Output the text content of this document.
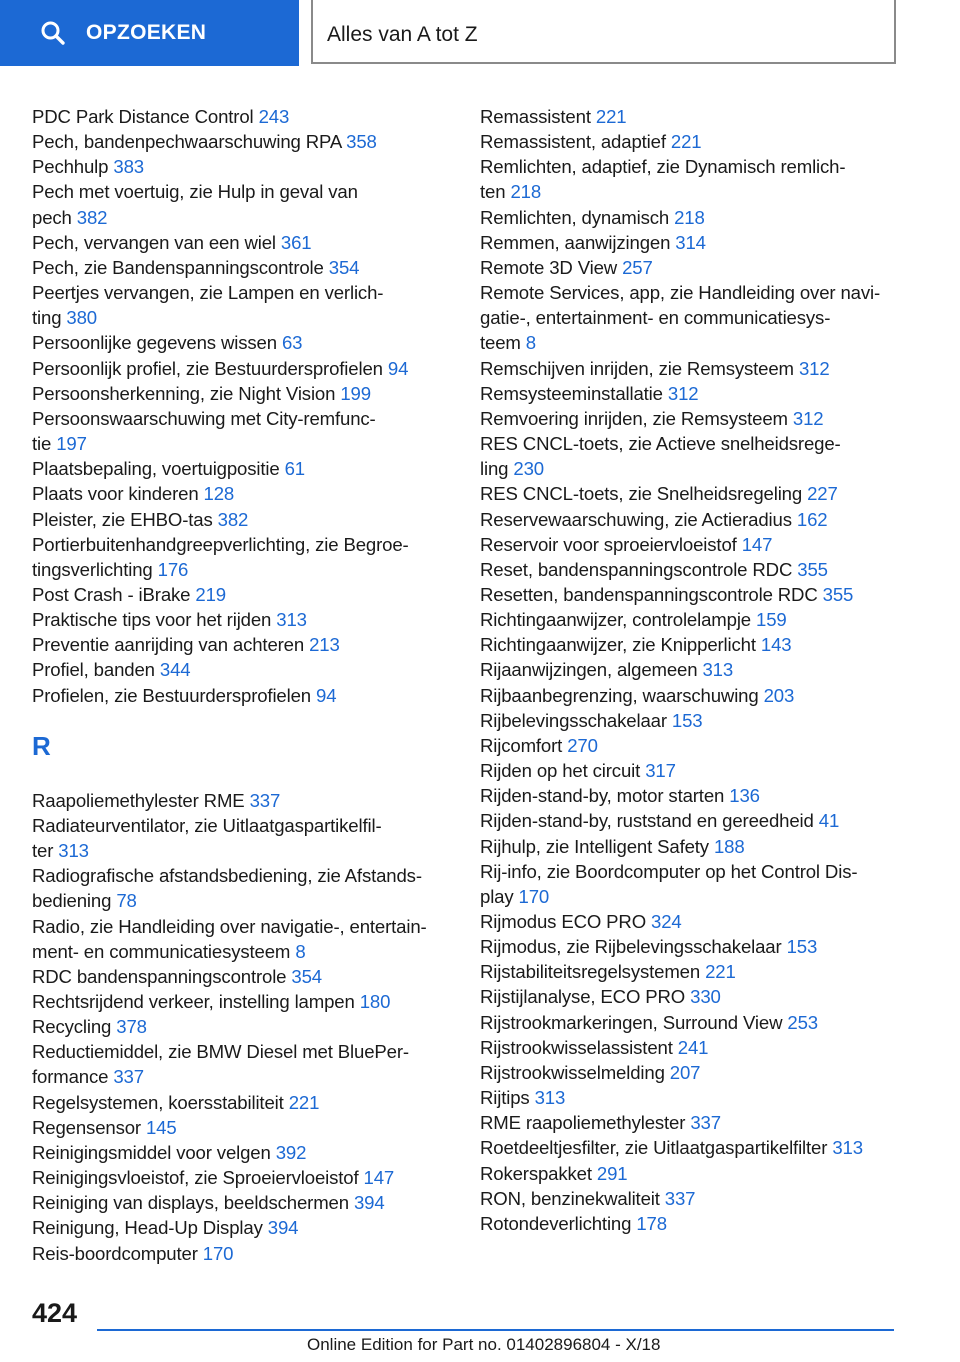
OPZOEKEN	Alles van A tot Z
PDC Park Distance Control 243
Pech, bandenpechwaarschuwing RPA 358
Pechhulp 383
Pech met voertuig, zie Hulp in geval van
pech 382
Pech, vervangen van een wiel 361
Pech, zie Bandenspanningscontrole 354
Peertjes vervangen, zie Lampen en verlich-
ting 380
Persoonlijke gegevens wissen 63
Persoonlijk profiel, zie Bestuurdersprofielen 94
Persoonsherkenning, zie Night Vision 199
Persoonswaarschuwing met City-remfunc-
tie 197
Plaatsbepaling, voertuigpositie 61
Plaats voor kinderen 128
Pleister, zie EHBO-tas 382
Portierbuitenhandgreepverlichting, zie Begroe-
tingsverlichting 176
Post Crash - iBrake 219
Praktische tips voor het rijden 313
Preventie aanrijding van achteren 213
Profiel, banden 344
Profielen, zie Bestuurdersprofielen 94
R
Raapoliemethylester RME 337
Radiateurventilator, zie Uitlaatgaspartikelfil-
ter 313
Radiografische afstandsbediening, zie Afstands-
bediening 78
Radio, zie Handleiding over navigatie-, entertain-
ment- en communicatiesysteem 8
RDC bandenspanningscontrole 354
Rechtsrijdend verkeer, instelling lampen 180
Recycling 378
Reductiemiddel, zie BMW Diesel met BluePer-
formance 337
Regelsystemen, koersstabiliteit 221
Regensensor 145
Reinigingsmiddel voor velgen 392
Reinigingsvloeistof, zie Sproeiervloeistof 147
Reiniging van displays, beeldschermen 394
Reinigung, Head-Up Display 394
Reis-boordcomputer 170
Remassistent 221
Remassistent, adaptief 221
Remlichten, adaptief, zie Dynamisch remlich-
ten 218
Remlichten, dynamisch 218
Remmen, aanwijzingen 314
Remote 3D View 257
Remote Services, app, zie Handleiding over navi-
gatie-, entertainment- en communicatiesys-
teem 8
Remschijven inrijden, zie Remsysteem 312
Remsysteeminstallatie 312
Remvoering inrijden, zie Remsysteem 312
RES CNCL-toets, zie Actieve snelheidsrege-
ling 230
RES CNCL-toets, zie Snelheidsregeling 227
Reservewaarschuwing, zie Actieradius 162
Reservoir voor sproeiervloeistof 147
Reset, bandenspanningscontrole RDC 355
Resetten, bandenspanningscontrole RDC 355
Richtingaanwijzer, controlelampje 159
Richtingaanwijzer, zie Knipperlicht 143
Rijaanwijzingen, algemeen 313
Rijbaanbegrenzing, waarschuwing 203
Rijbelevingsschakelaar 153
Rijcomfort 270
Rijden op het circuit 317
Rijden-stand-by, motor starten 136
Rijden-stand-by, ruststand en gereedheid 41
Rijhulp, zie Intelligent Safety 188
Rij-info, zie Boordcomputer op het Control Dis-
play 170
Rijmodus ECO PRO 324
Rijmodus, zie Rijbelevingsschakelaar 153
Rijstabiliteitsregelsystemen 221
Rijstijlanalyse, ECO PRO 330
Rijstrookmarkeringen, Surround View 253
Rijstrookwisselassistent 241
Rijstrookwisselmelding 207
Rijtips 313
RME raapoliemethylester 337
Roetdeeltjesfilter, zie Uitlaatgaspartikelfilter 313
Rokerspakket 291
RON, benzinekwaliteit 337
Rotondeverlichting 178
424
Online Edition for Part no. 01402896804 - X/18
